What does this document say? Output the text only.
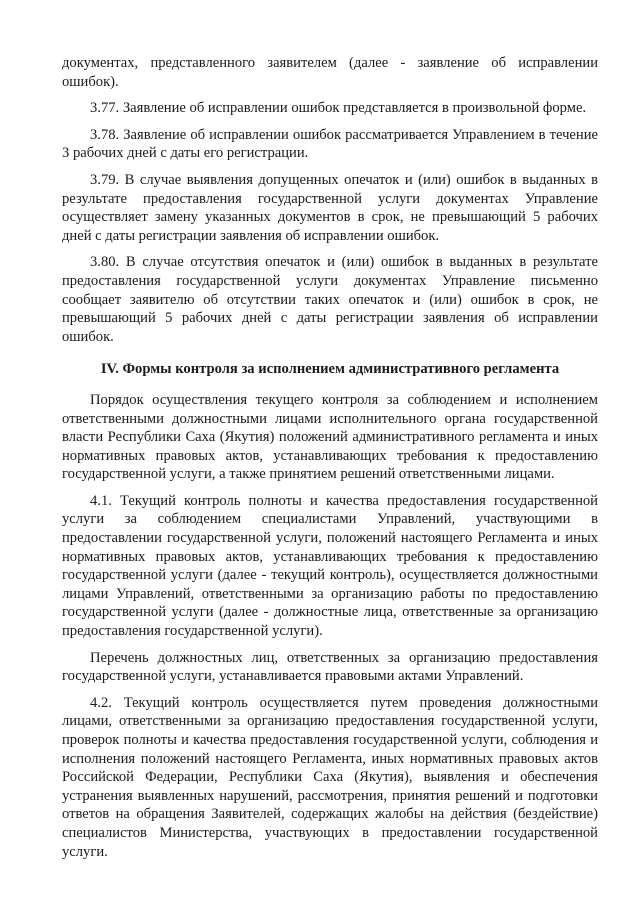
документах, представленного заявителем (далее - заявление об исправлении ошибок).

3.77. Заявление об исправлении ошибок представляется в произвольной форме.

3.78. Заявление об исправлении ошибок рассматривается Управлением в течение 3 рабочих дней с даты его регистрации.

3.79. В случае выявления допущенных опечаток и (или) ошибок в выданных в результате предоставления государственной услуги документах Управление осуществляет замену указанных документов в срок, не превышающий 5 рабочих дней с даты регистрации заявления об исправлении ошибок.

3.80. В случае отсутствия опечаток и (или) ошибок в выданных в результате предоставления государственной услуги документах Управление письменно сообщает заявителю об отсутствии таких опечаток и (или) ошибок в срок, не превышающий 5 рабочих дней с даты регистрации заявления об исправлении ошибок.

IV. Формы контроля за исполнением административного регламента

Порядок осуществления текущего контроля за соблюдением и исполнением ответственными должностными лицами исполнительного органа государственной власти Республики Саха (Якутия) положений административного регламента и иных нормативных правовых актов, устанавливающих требования к предоставлению государственной услуги, а также принятием решений ответственными лицами.

4.1. Текущий контроль полноты и качества предоставления государственной услуги за соблюдением специалистами Управлений, участвующими в предоставлении государственной услуги, положений настоящего Регламента и иных нормативных правовых актов, устанавливающих требования к предоставлению государственной услуги (далее - текущий контроль), осуществляется должностными лицами Управлений, ответственными за организацию работы по предоставлению государственной услуги (далее - должностные лица, ответственные за организацию предоставления государственной услуги).

Перечень должностных лиц, ответственных за организацию предоставления государственной услуги, устанавливается правовыми актами Управлений.

4.2. Текущий контроль осуществляется путем проведения должностными лицами, ответственными за организацию предоставления государственной услуги, проверок полноты и качества предоставления государственной услуги, соблюдения и исполнения положений настоящего Регламента, иных нормативных правовых актов Российской Федерации, Республики Саха (Якутия), выявления и обеспечения устранения выявленных нарушений, рассмотрения, принятия решений и подготовки ответов на обращения Заявителей, содержащих жалобы на действия (бездействие) специалистов Министерства, участвующих в предоставлении государственной услуги.
